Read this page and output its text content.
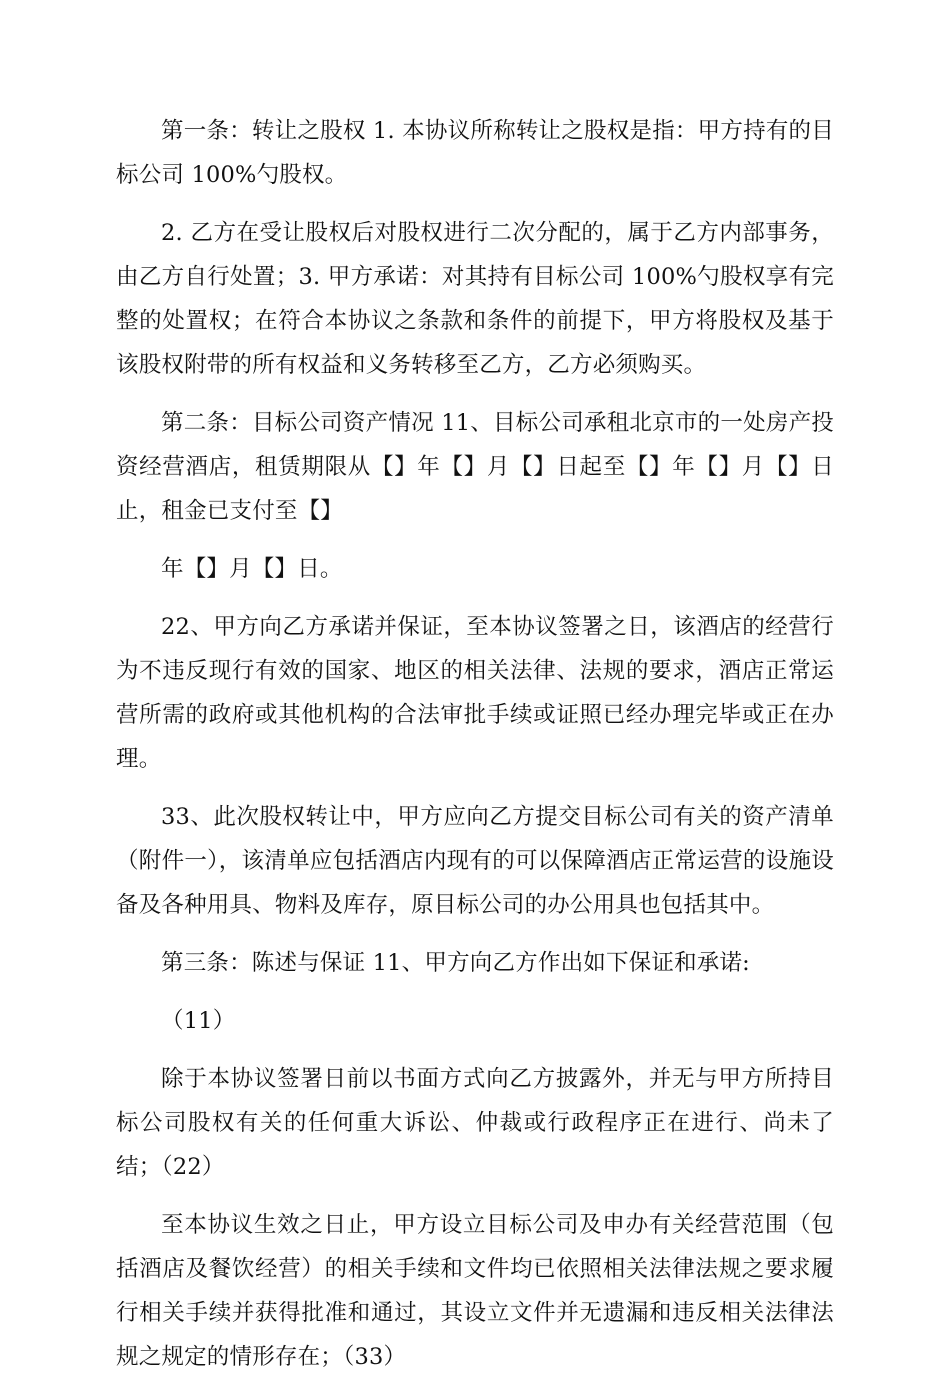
第一条：转让之股权 1. 本协议所称转让之股权是指：甲方持有的目标公司 100%勺股权。

2. 乙方在受让股权后对股权进行二次分配的，属于乙方内部事务，由乙方自行处置；3. 甲方承诺：对其持有目标公司 100%勺股权享有完整的处置权；在符合本协议之条款和条件的前提下，甲方将股权及基于该股权附带的所有权益和义务转移至乙方，乙方必须购买。

第二条：目标公司资产情况 11、目标公司承租北京市的一处房产投资经营酒店，租赁期限从【】年【】月【】日起至【】年【】月【】日止，租金已支付至【】

年【】月【】日。

22、甲方向乙方承诺并保证，至本协议签署之日，该酒店的经营行为不违反现行有效的国家、地区的相关法律、法规的要求，酒店正常运营所需的政府或其他机构的合法审批手续或证照已经办理完毕或正在办理。

33、此次股权转让中，甲方应向乙方提交目标公司有关的资产清单（附件一），该清单应包括酒店内现有的可以保障酒店正常运营的设施设备及各种用具、物料及库存，原目标公司的办公用具也包括其中。

第三条：陈述与保证 11、甲方向乙方作出如下保证和承诺:

（11）

除于本协议签署日前以书面方式向乙方披露外，并无与甲方所持目标公司股权有关的任何重大诉讼、仲裁或行政程序正在进行、尚未了结；（22）

至本协议生效之日止，甲方设立目标公司及申办有关经营范围（包括酒店及餐饮经营）的相关手续和文件均已依照相关法律法规之要求履行相关手续并获得批准和通过，其设立文件并无遗漏和违反相关法律法规之规定的情形存在；（33）
